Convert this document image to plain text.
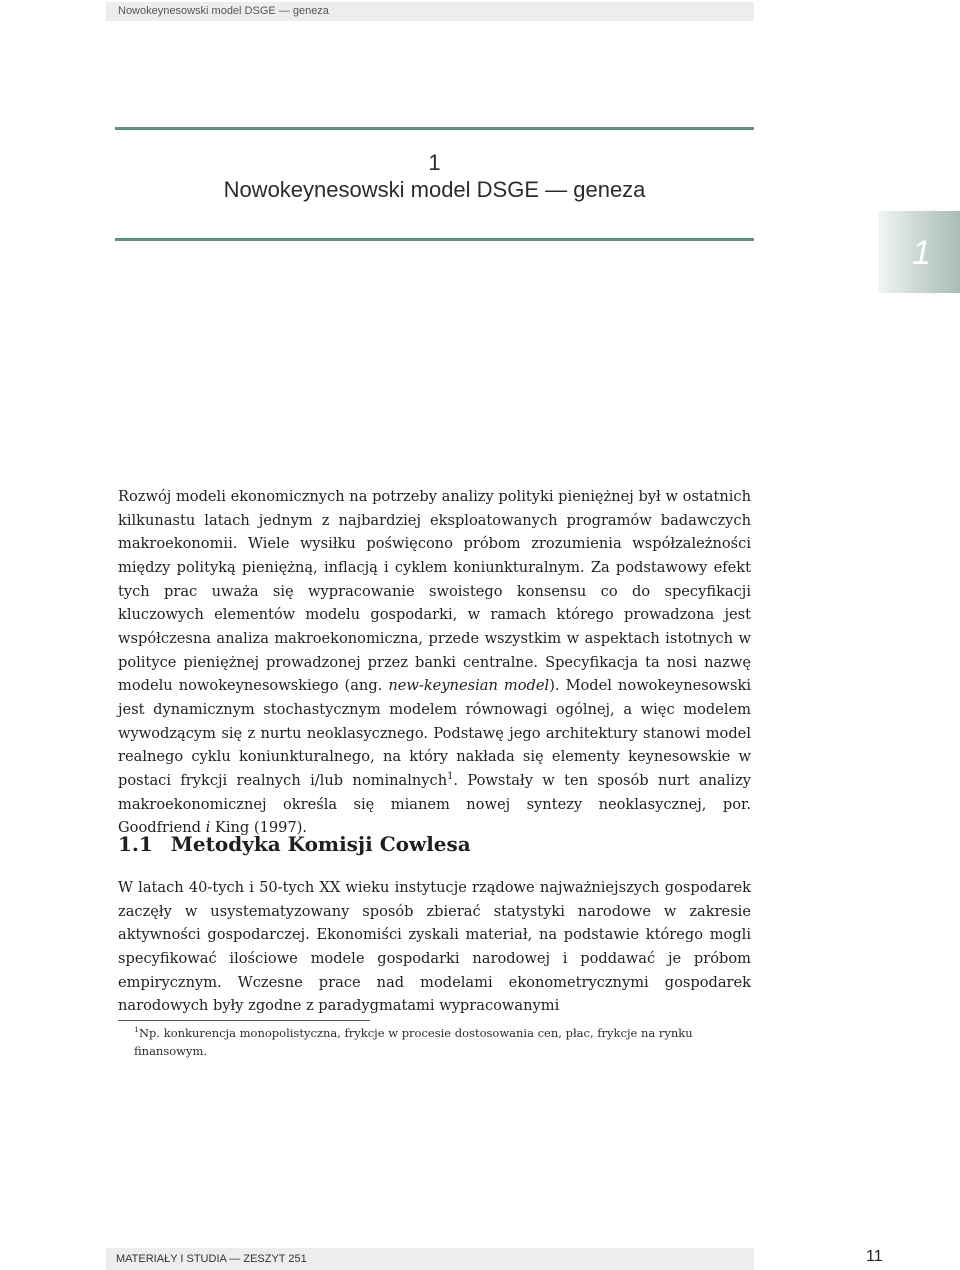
Nowokeynesowski model DSGE — geneza
1
Nowokeynesowski model DSGE — geneza
1

Rozwój modeli ekonomicznych na potrzeby analizy polityki pieniężnej był w ostatnich kilkunastu latach jednym z najbardziej eksploatowanych programów badawczych makroekonomii. Wiele wysiłku poświęcono próbom zrozumienia współzależności między polityką pieniężną, inflacją i cyklem koniunkturalnym. Za podstawowy efekt tych prac uważa się wypracowanie swoistego konsensu co do specyfikacji kluczowych elementów modelu gospodarki, w ramach którego prowadzona jest współczesna analiza makroekonomiczna, przede wszystkim w aspektach istotnych w polityce pieniężnej prowadzonej przez banki centralne. Specyfikacja ta nosi nazwę modelu nowokeynesowskiego (ang. new-keynesian model). Model nowokeynesowski jest dynamicznym stochastycznym modelem równowagi ogólnej, a więc modelem wywodzącym się z nurtu neoklasycznego. Podstawę jego architektury stanowi model realnego cyklu koniunkturalnego, na który nakłada się elementy keynesowskie w postaci frykcji realnych i/lub nominalnych$^1$. Powstały w ten sposób nurt analizy makroekonomicznej określa się mianem nowej syntezy neoklasycznej, por. Goodfriend i King (1997).

1.1 Metodyka Komisji Cowlesa

W latach 40-tych i 50-tych XX wieku instytucje rządowe najważniejszych gospodarek zaczęły w usystematyzowany sposób zbierać statystyki narodowe w zakresie aktywności gospodarczej. Ekonomiści zyskali materiał, na podstawie którego mogli specyfikować ilościowe modele gospodarki narodowej i poddawać je próbom empirycznym. Wczesne prace nad modelami ekonometrycznymi gospodarek narodowych były zgodne z paradygmatami wypracowanymi

$^1$Np. konkurencja monopolistyczna, frykcje w procesie dostosowania cen, płac, frykcje na rynku finansowym.
MATERIAŁY I STUDIA — ZESZYT 251	11
